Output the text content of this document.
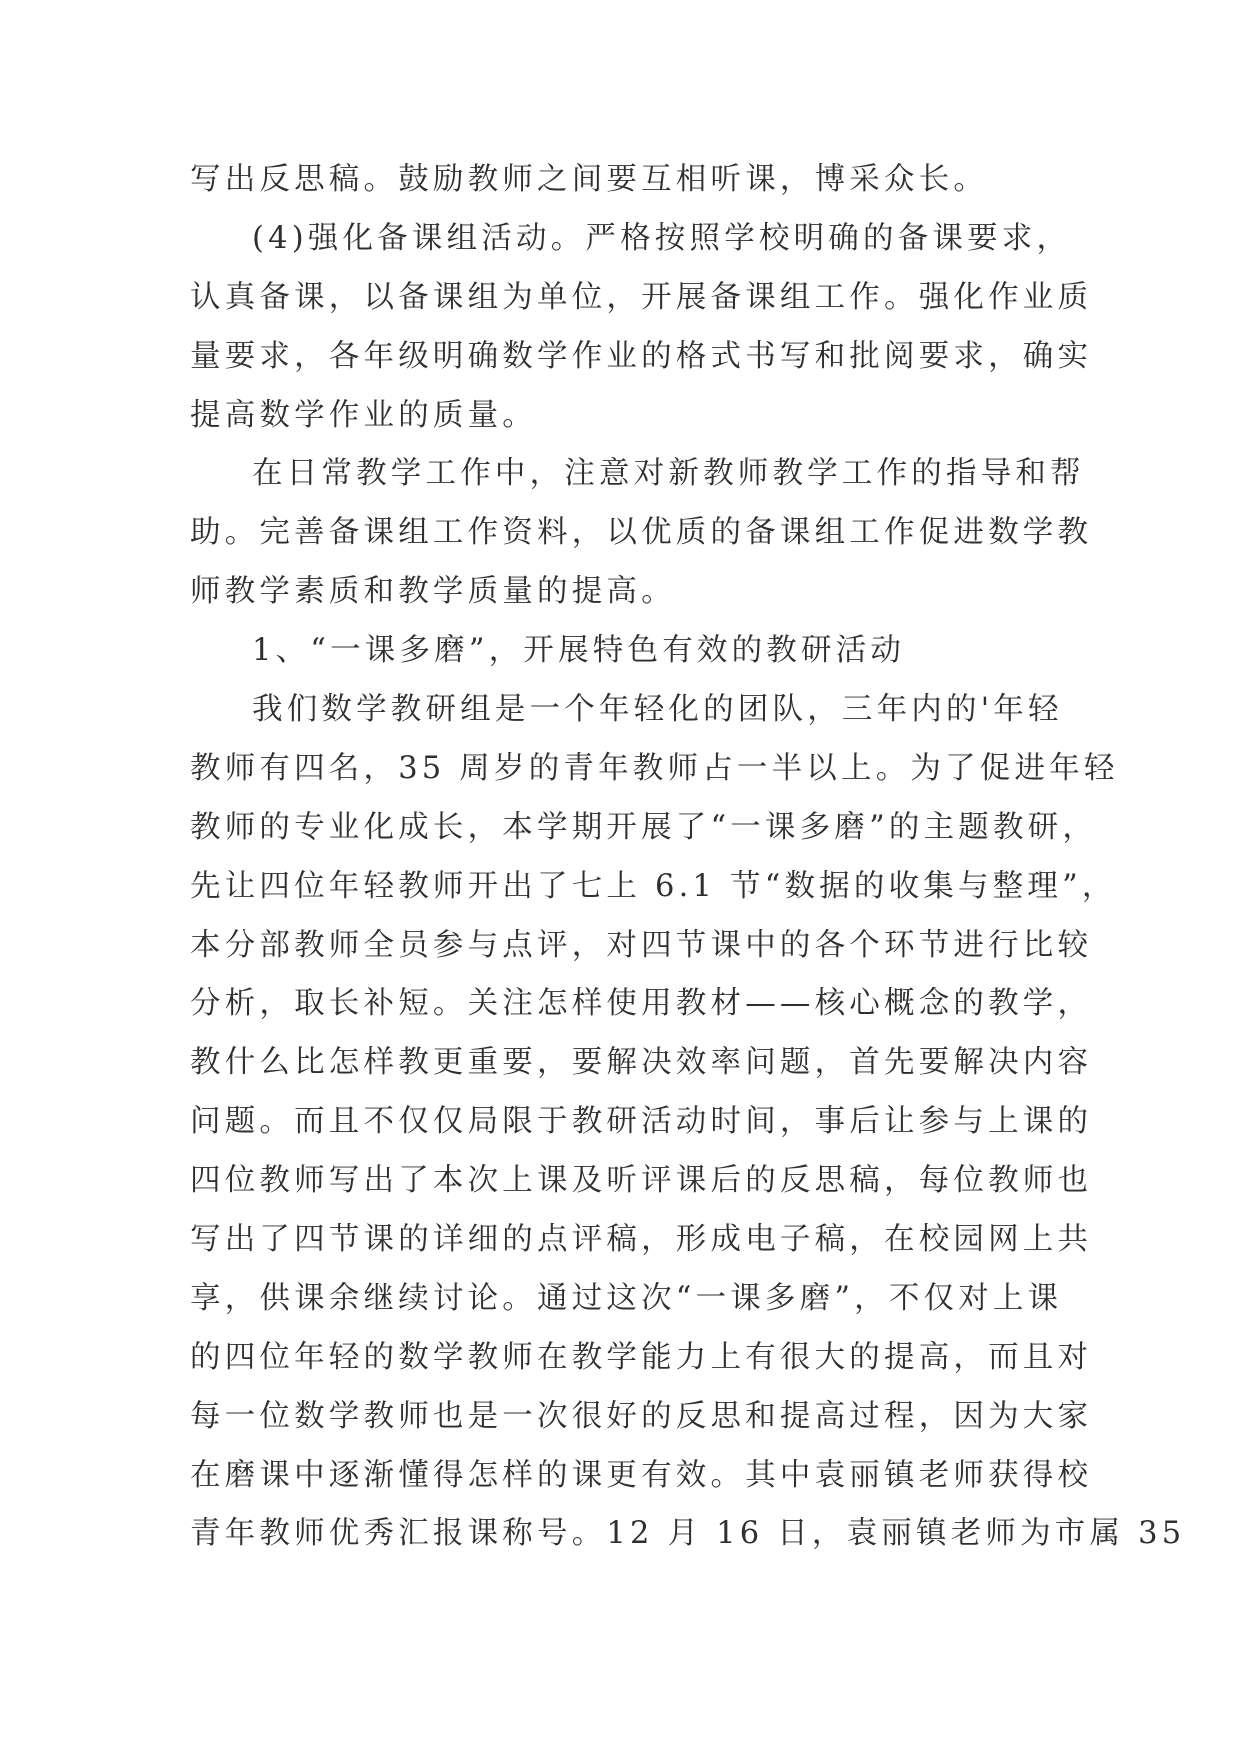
写出反思稿。鼓励教师之间要互相听课，博采众长。
(4)强化备课组活动。严格按照学校明确的备课要求，
认真备课，以备课组为单位，开展备课组工作。强化作业质
量要求，各年级明确数学作业的格式书写和批阅要求，确实
提高数学作业的质量。
在日常教学工作中，注意对新教师教学工作的指导和帮
助。完善备课组工作资料，以优质的备课组工作促进数学教
师教学素质和教学质量的提高。
1、“一课多磨”，开展特色有效的教研活动
我们数学教研组是一个年轻化的团队，三年内的'年轻
教师有四名，35 周岁的青年教师占一半以上。为了促进年轻
教师的专业化成长，本学期开展了“一课多磨”的主题教研，
先让四位年轻教师开出了七上 6.1 节“数据的收集与整理”，
本分部教师全员参与点评，对四节课中的各个环节进行比较
分析，取长补短。关注怎样使用教材——核心概念的教学，
教什么比怎样教更重要，要解决效率问题，首先要解决内容
问题。而且不仅仅局限于教研活动时间，事后让参与上课的
四位教师写出了本次上课及听评课后的反思稿，每位教师也
写出了四节课的详细的点评稿，形成电子稿，在校园网上共
享，供课余继续讨论。通过这次“一课多磨”，不仅对上课
的四位年轻的数学教师在教学能力上有很大的提高，而且对
每一位数学教师也是一次很好的反思和提高过程，因为大家
在磨课中逐渐懂得怎样的课更有效。其中袁丽镇老师获得校
青年教师优秀汇报课称号。12 月 16 日，袁丽镇老师为市属 35
